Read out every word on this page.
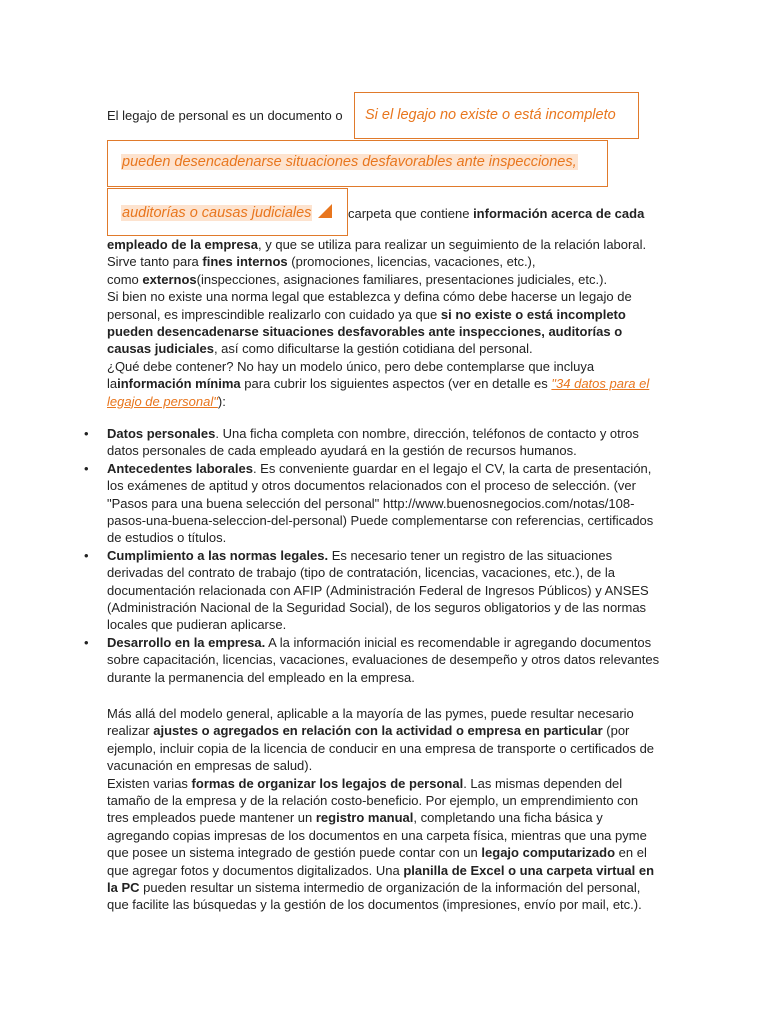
El legajo de personal es un documento o	Si el legajo no existe o está incompleto
pueden desencadenarse situaciones desfavorables ante inspecciones,
auditorías o causas judiciales	carpeta que contiene información acerca de cada
empleado de la empresa, y que se utiliza para realizar un seguimiento de la relación laboral.
Sirve tanto para fines internos (promociones, licencias, vacaciones, etc.),
como externos(inspecciones, asignaciones familiares, presentaciones judiciales, etc.).
Si bien no existe una norma legal que establezca y defina cómo debe hacerse un legajo de personal, es imprescindible realizarlo con cuidado ya que si no existe o está incompleto pueden desencadenarse situaciones desfavorables ante inspecciones, auditorías o causas judiciales, así como dificultarse la gestión cotidiana del personal.
¿Qué debe contener? No hay un modelo único, pero debe contemplarse que incluya lainformación mínima para cubrir los siguientes aspectos (ver en detalle es "34 datos para el legajo de personal"):
• Datos personales. Una ficha completa con nombre, dirección, teléfonos de contacto y otros datos personales de cada empleado ayudará en la gestión de recursos humanos.
• Antecedentes laborales. Es conveniente guardar en el legajo el CV, la carta de presentación, los exámenes de aptitud y otros documentos relacionados con el proceso de selección. (ver "Pasos para una buena selección del personal" http://www.buenosnegocios.com/notas/108-pasos-una-buena-seleccion-del-personal) Puede complementarse con referencias, certificados de estudios o títulos.
• Cumplimiento a las normas legales. Es necesario tener un registro de las situaciones derivadas del contrato de trabajo (tipo de contratación, licencias, vacaciones, etc.), de la documentación relacionada con AFIP (Administración Federal de Ingresos Públicos) y ANSES (Administración Nacional de la Seguridad Social), de los seguros obligatorios y de las normas locales que pudieran aplicarse.
• Desarrollo en la empresa. A la información inicial es recomendable ir agregando documentos sobre capacitación, licencias, vacaciones, evaluaciones de desempeño y otros datos relevantes durante la permanencia del empleado en la empresa.
Más allá del modelo general, aplicable a la mayoría de las pymes, puede resultar necesario realizar ajustes o agregados en relación con la actividad o empresa en particular (por ejemplo, incluir copia de la licencia de conducir en una empresa de transporte o certificados de vacunación en empresas de salud).
Existen varias formas de organizar los legajos de personal. Las mismas dependen del tamaño de la empresa y de la relación costo-beneficio. Por ejemplo, un emprendimiento con tres empleados puede mantener un registro manual, completando una ficha básica y agregando copias impresas de los documentos en una carpeta física, mientras que una pyme que posee un sistema integrado de gestión puede contar con un legajo computarizado en el que agregar fotos y documentos digitalizados. Una planilla de Excel o una carpeta virtual en la PC pueden resultar un sistema intermedio de organización de la información del personal, que facilite las búsquedas y la gestión de los documentos (impresiones, envío por mail, etc.).
